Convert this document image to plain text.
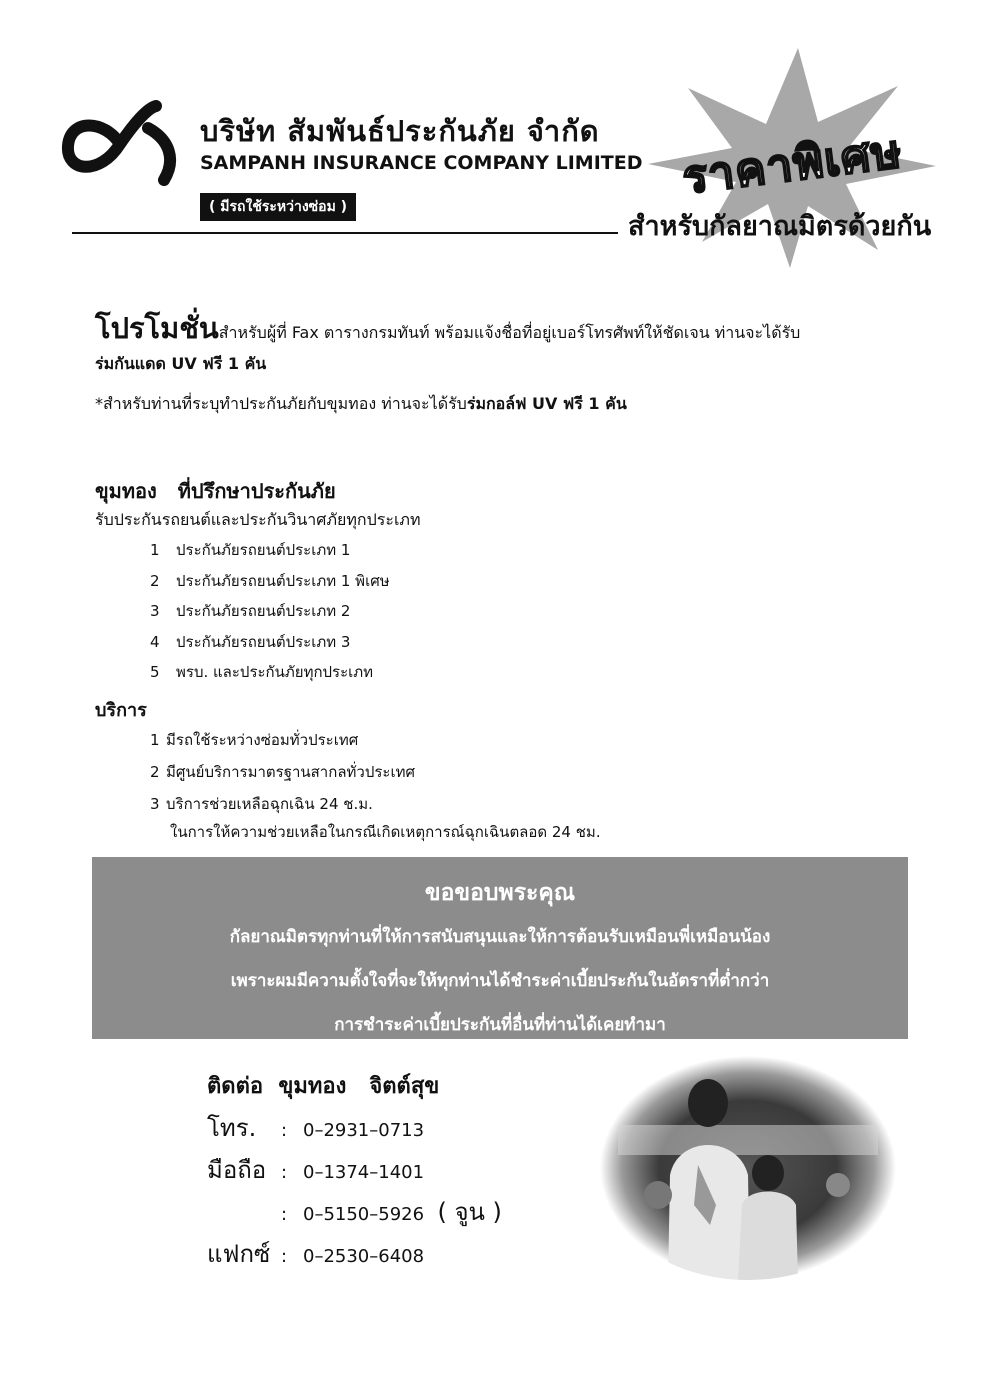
บริษัท สัมพันธ์ประกันภัย จำกัด
SAMPANH INSURANCE COMPANY LIMITED
( มีรถใช้ระหว่างซ่อม )
ราคาพิเศษ
สำหรับกัลยาณมิตรด้วยกัน
โปรโมชั่นสำหรับผู้ที่ Fax ตารางกรมทันท์ พร้อมแจ้งชื่อที่อยู่เบอร์โทรศัพท์ให้ชัดเจน ท่านจะได้รับ
ร่มกันแดด UV ฟรี 1 คัน
*สำหรับท่านที่ระบุทำประกันภัยกับขุมทอง ท่านจะได้รับร่มกอล์ฟ UV ฟรี 1 คัน
ขุมทอง   ที่ปรึกษาประกันภัย
รับประกันรถยนต์และประกันวินาศภัยทุกประเภท
1 ประกันภัยรถยนต์ประเภท 1
2 ประกันภัยรถยนต์ประเภท 1 พิเศษ
3 ประกันภัยรถยนต์ประเภท 2
4 ประกันภัยรถยนต์ประเภท 3
5 พรบ. และประกันภัยทุกประเภท
บริการ
1 มีรถใช้ระหว่างซ่อมทั่วประเทศ
2 มีศูนย์บริการมาตรฐานสากลทั่วประเทศ
3 บริการช่วยเหลือฉุกเฉิน 24 ช.ม.
ในการให้ความช่วยเหลือในกรณีเกิดเหตุการณ์ฉุกเฉินตลอด 24 ชม.
ขอขอบพระคุณ
กัลยาณมิตรทุกท่านที่ให้การสนับสนุนและให้การต้อนรับเหมือนพี่เหมือนน้อง
เพราะผมมีความตั้งใจที่จะให้ทุกท่านได้ชำระค่าเบี้ยประกันในอัตราที่ต่ำกว่า
การชำระค่าเบี้ยประกันที่อื่นที่ท่านได้เคยทำมา
ติดต่อ  ขุมทอง   จิตต์สุข
โทร. : 0–2931–0713
มือถือ : 0–1374–1401
: 0–5150–5926  ( จูน )
แฟกซ์ : 0–2530–6408
